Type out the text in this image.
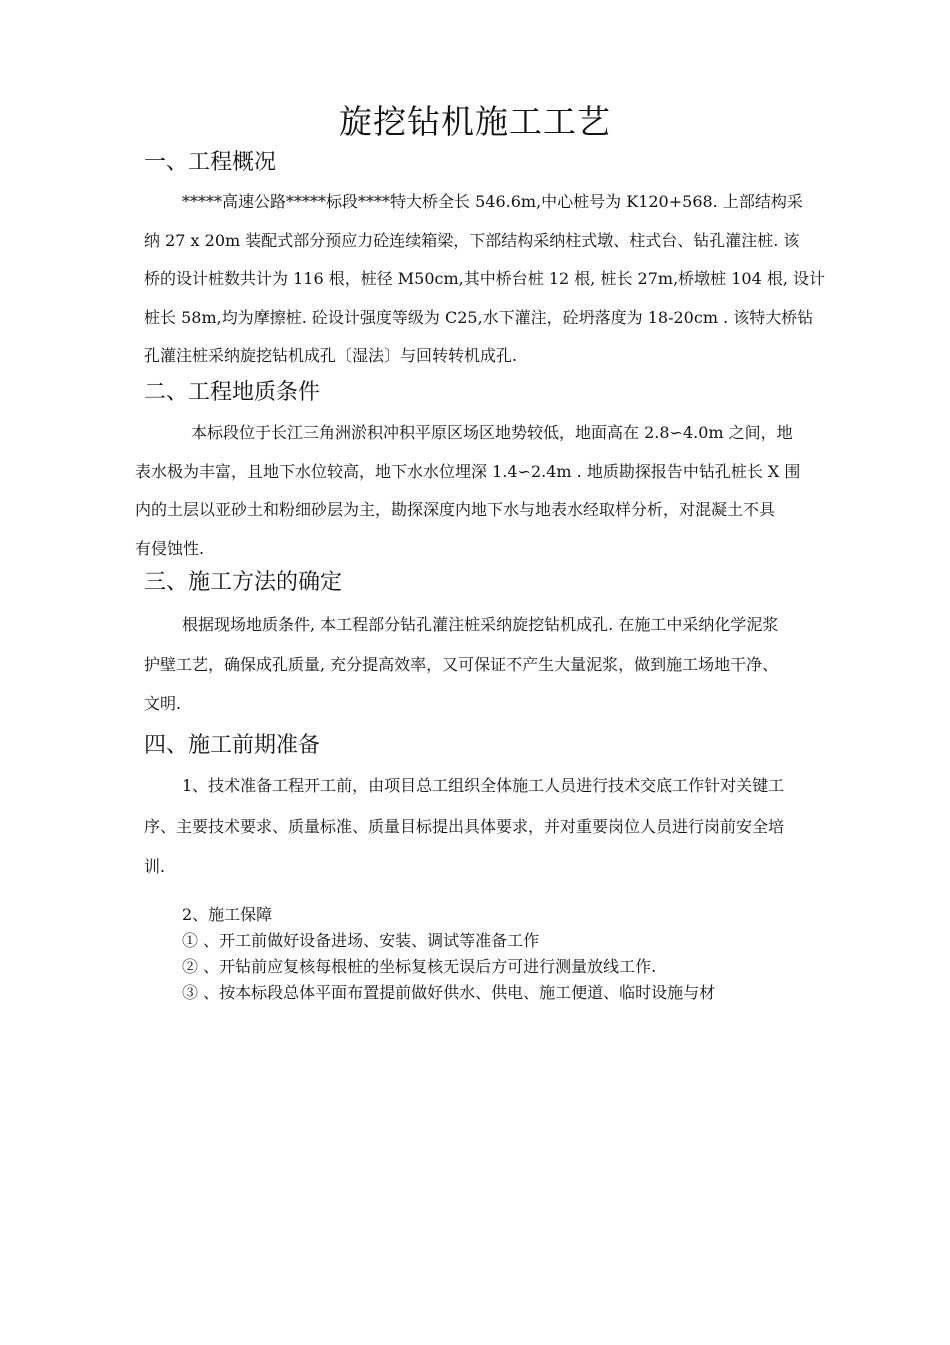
旋挖钻机施工工艺
一、工程概况

*****高速公路*****标段****特大桥全长 546.6m,中心桩号为 K120+568. 上部结构采

纳 27 x 20m 装配式部分预应力砼连续箱梁，下部结构采纳柱式墩、柱式台、钻孔灌注桩. 该

桥的设计桩数共计为 116 根，桩径 M50cm,其中桥台桩 12 根, 桩长 27m,桥墩桩 104 根, 设计

桩长 58m,均为摩擦桩. 砼设计强度等级为 C25,水下灌注，砼坍落度为 18-20cm . 该特大桥钻

孔灌注桩采纳旋挖钻机成孔〔湿法〕与回转转机成孔.

二、工程地质条件

本标段位于长江三角洲淤积冲积平原区场区地势较低，地面高在 2.8∽4.0m 之间，地

表水极为丰富，且地下水位较高，地下水水位埋深 1.4∽2.4m . 地质勘探报告中钻孔桩长 X 围

内的土层以亚砂土和粉细砂层为主，勘探深度内地下水与地表水经取样分析，对混凝土不具

有侵蚀性.

三、施工方法的确定

根据现场地质条件, 本工程部分钻孔灌注桩采纳旋挖钻机成孔. 在施工中采纳化学泥浆

护壁工艺，确保成孔质量, 充分提高效率，又可保证不产生大量泥浆，做到施工场地干净、

文明.

四、施工前期准备

1、技术准备工程开工前，由项目总工组织全体施工人员进行技术交底工作针对关键工

序、主要技术要求、质量标准、质量目标提出具体要求，并对重要岗位人员进行岗前安全培

训.

2、施工保障

① 、开工前做好设备进场、安装、调试等准备工作

② 、开钻前应复核每根桩的坐标复核无误后方可进行测量放线工作.

③ 、按本标段总体平面布置提前做好供水、供电、施工便道、临时设施与材
